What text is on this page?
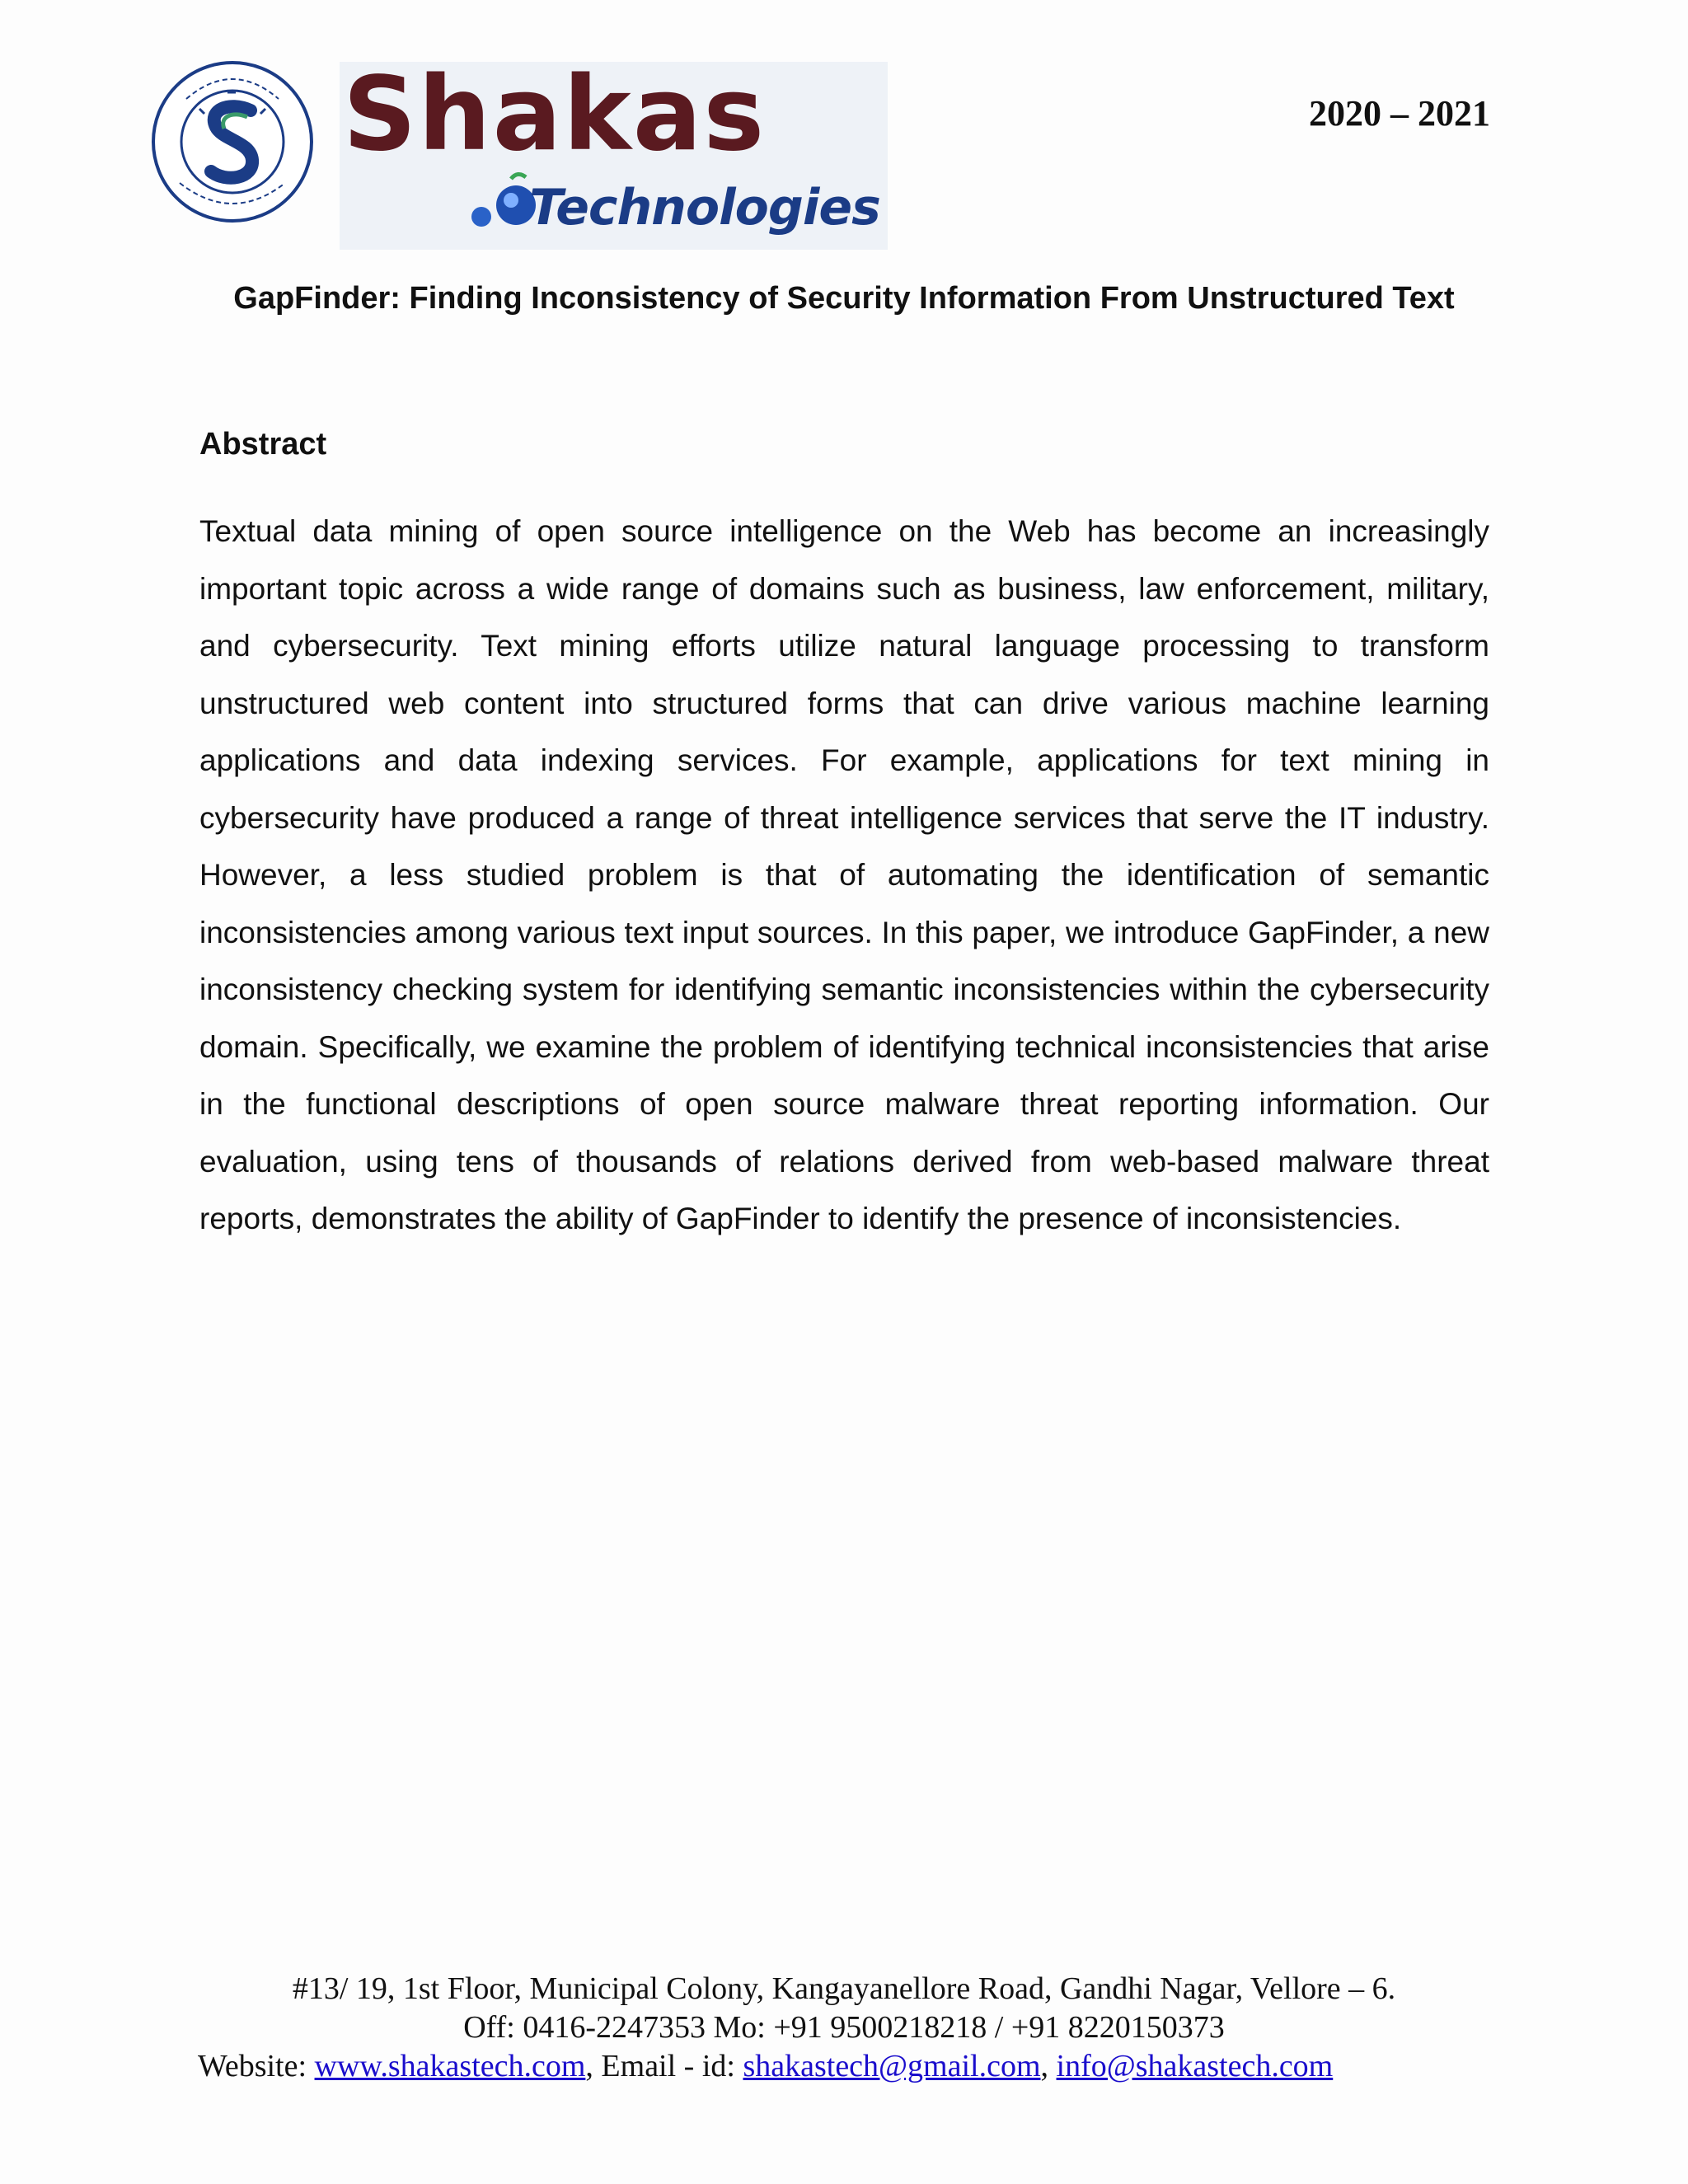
Shakas
Technologies
2020 – 2021
GapFinder: Finding Inconsistency of Security Information From Unstructured Text
Abstract
Textual data mining of open source intelligence on the Web has become an increasingly important topic across a wide range of domains such as business, law enforcement, military, and cybersecurity. Text mining efforts utilize natural language processing to transform unstructured web content into structured forms that can drive various machine learning applications and data indexing services. For example, applications for text mining in cybersecurity have produced a range of threat intelligence services that serve the IT industry. However, a less studied problem is that of automating the identification of semantic inconsistencies among various text input sources. In this paper, we introduce GapFinder, a new inconsistency checking system for identifying semantic inconsistencies within the cybersecurity domain. Specifically, we examine the problem of identifying technical inconsistencies that arise in the functional descriptions of open source malware threat reporting information. Our evaluation, using tens of thousands of relations derived from web-based malware threat reports, demonstrates the ability of GapFinder to identify the presence of inconsistencies.
#13/ 19, 1st Floor, Municipal Colony, Kangayanellore Road, Gandhi Nagar, Vellore – 6.
Off: 0416-2247353 Mo: +91 9500218218 / +91 8220150373
Website: www.shakastech.com, Email - id: shakastech@gmail.com, info@shakastech.com
